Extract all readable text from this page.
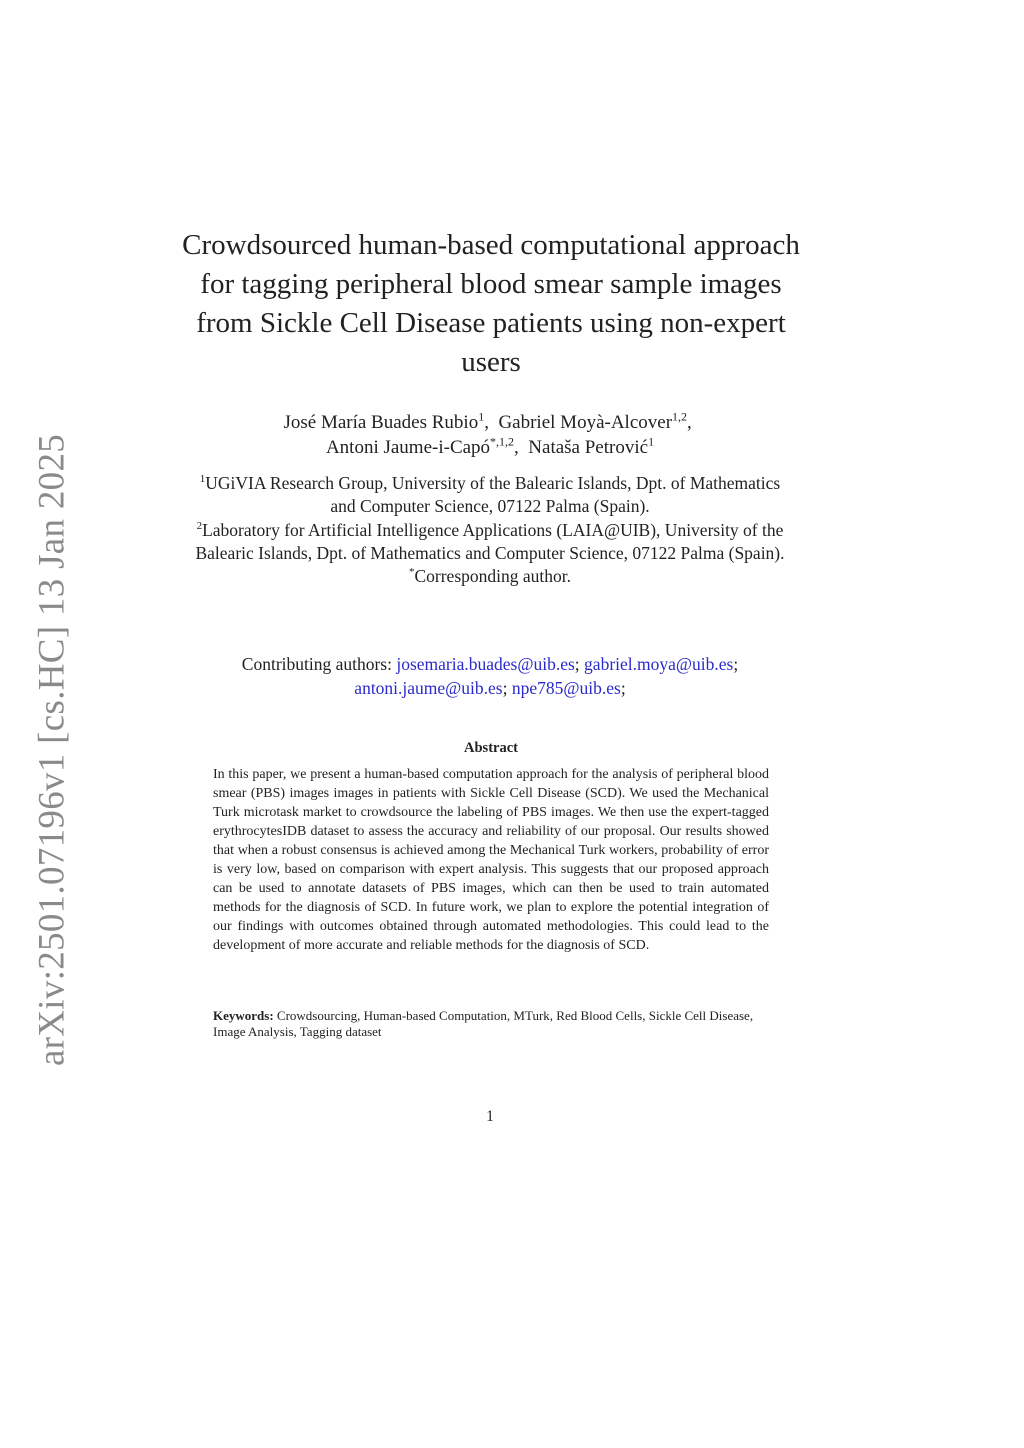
arXiv:2501.07196v1 [cs.HC] 13 Jan 2025
Crowdsourced human-based computational approach for tagging peripheral blood smear sample images from Sickle Cell Disease patients using non-expert users
José María Buades Rubio$^1$, Gabriel Moyà-Alcover$^{1,2}$,  Antoni Jaume-i-Capó$^{*,1,2}$, Nataša Petrović$^1$
$^1$UGiVIA Research Group, University of the Balearic Islands, Dpt. of Mathematics and Computer Science, 07122 Palma (Spain).
$^2$Laboratory for Artificial Intelligence Applications (LAIA@UIB), University of the Balearic Islands, Dpt. of Mathematics and Computer Science, 07122 Palma (Spain).
*Corresponding author.
Contributing authors: josemaria.buades@uib.es; gabriel.moya@uib.es; antoni.jaume@uib.es; npe785@uib.es;
Abstract

In this paper, we present a human-based computation approach for the analysis of peripheral blood smear (PBS) images images in patients with Sickle Cell Disease (SCD). We used the Mechanical Turk microtask market to crowdsource the labeling of PBS images. We then use the expert-tagged erythrocytesIDB dataset to assess the accuracy and reliability of our proposal. Our results showed that when a robust consensus is achieved among the Mechanical Turk workers, probability of error is very low, based on comparison with expert analysis. This suggests that our proposed approach can be used to annotate datasets of PBS images, which can then be used to train automated methods for the diagnosis of SCD. In future work, we plan to explore the potential integration of our findings with outcomes obtained through automated methodologies. This could lead to the development of more accurate and reliable methods for the diagnosis of SCD.

Keywords: Crowdsourcing, Human-based Computation, MTurk, Red Blood Cells, Sickle Cell Disease, Image Analysis, Tagging dataset
1
